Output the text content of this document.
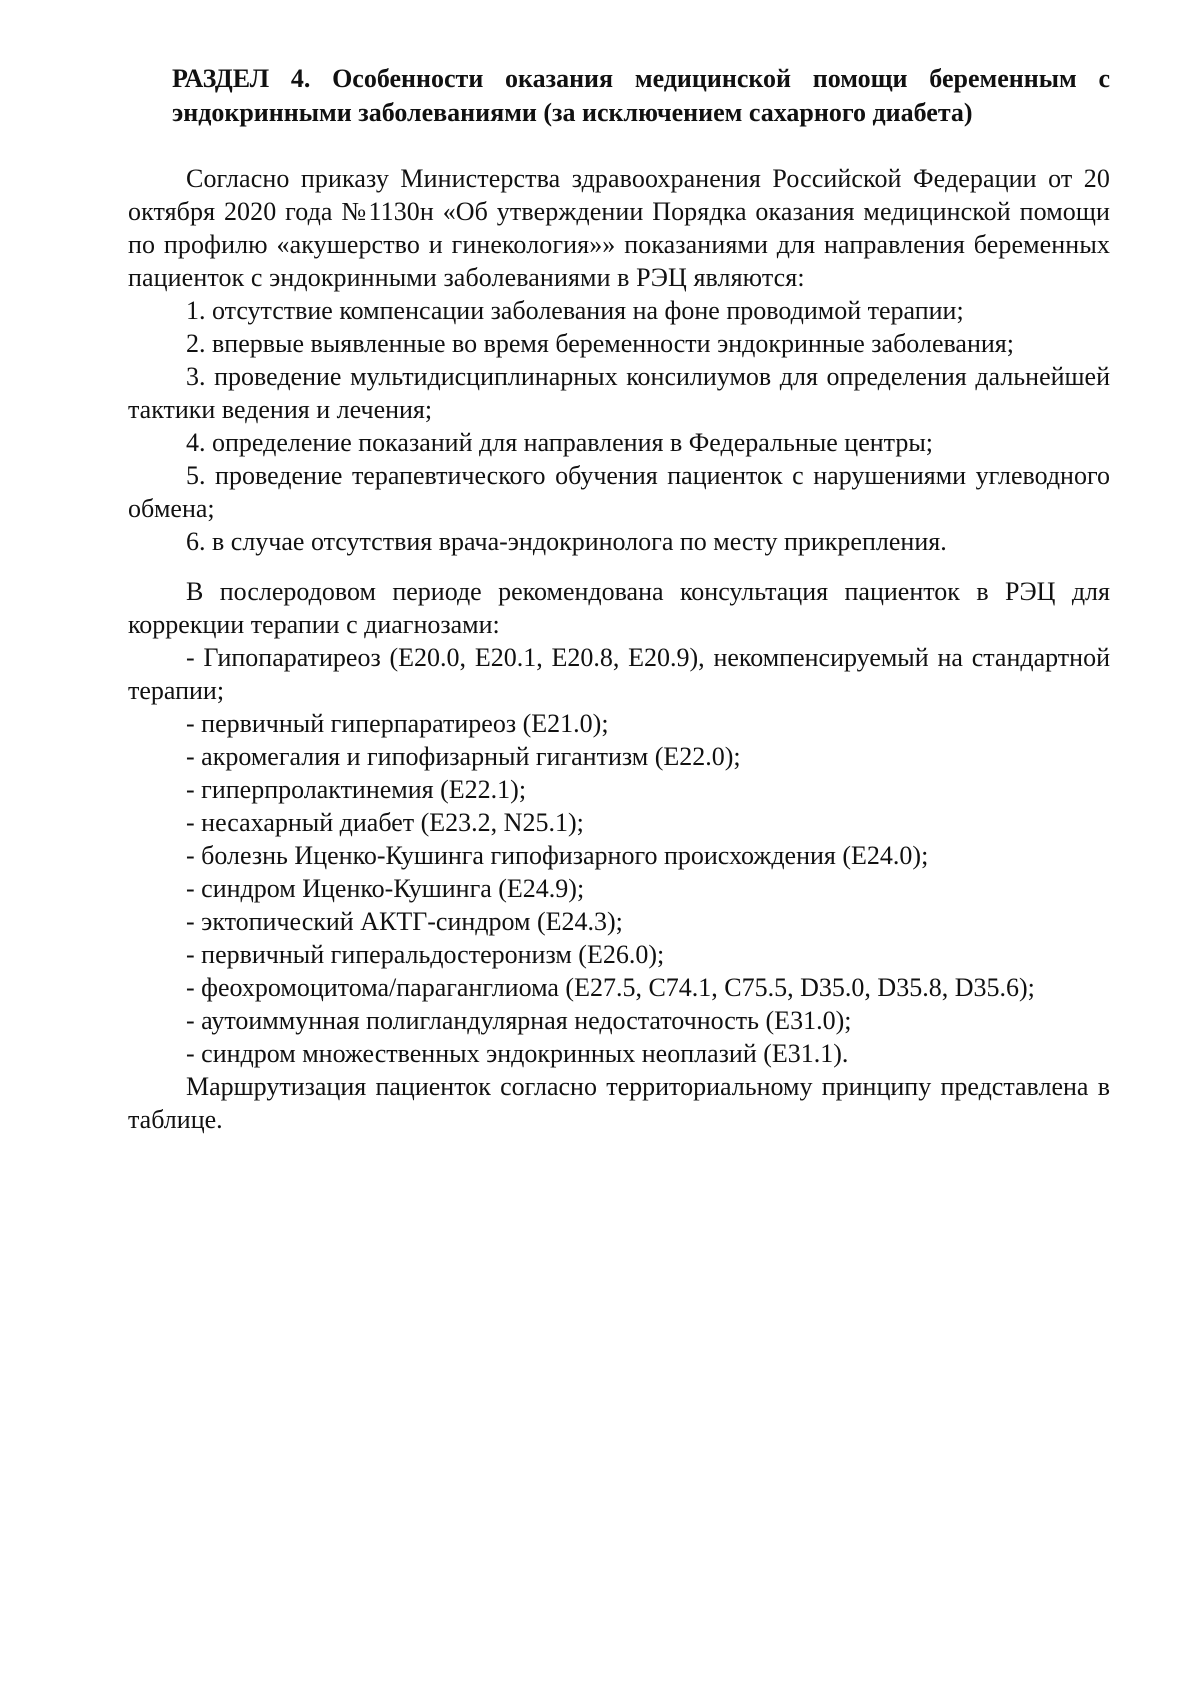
РАЗДЕЛ 4. Особенности оказания медицинской помощи беременным с
эндокринными заболеваниями (за исключением сахарного диабета)

Согласно приказу Министерства здравоохранения Российской Федерации от 20 октября 2020 года №1130н «Об утверждении Порядка оказания медицинской помощи по профилю «акушерство и гинекология»» показаниями для направления беременных пациенток с эндокринными заболеваниями в РЭЦ являются:

1. отсутствие компенсации заболевания на фоне проводимой терапии;

2. впервые выявленные во время беременности эндокринные заболевания;

3. проведение мультидисциплинарных консилиумов для определения дальнейшей тактики ведения и лечения;

4. определение показаний для направления в Федеральные центры;

5. проведение терапевтического обучения пациенток с нарушениями углеводного обмена;

6. в случае отсутствия врача-эндокринолога по месту прикрепления.

В послеродовом периоде рекомендована консультация пациенток в РЭЦ для коррекции терапии с диагнозами:

- Гипопаратиреоз (E20.0, E20.1, E20.8, E20.9), некомпенсируемый на стандартной терапии;

- первичный гиперпаратиреоз (E21.0);

- акромегалия и гипофизарный гигантизм (E22.0);

- гиперпролактинемия (E22.1);

- несахарный диабет (E23.2, N25.1);

- болезнь Иценко-Кушинга гипофизарного происхождения (E24.0);

- синдром Иценко-Кушинга (E24.9);

- эктопический АКТГ-синдром (E24.3);

- первичный гиперальдостеронизм (E26.0);

- феохромоцитома/параганглиома (E27.5, C74.1, C75.5, D35.0, D35.8, D35.6);

- аутоиммунная полигландулярная недостаточность (E31.0);

- синдром множественных эндокринных неоплазий (E31.1).

Маршрутизация пациенток согласно территориальному принципу представлена в таблице.
